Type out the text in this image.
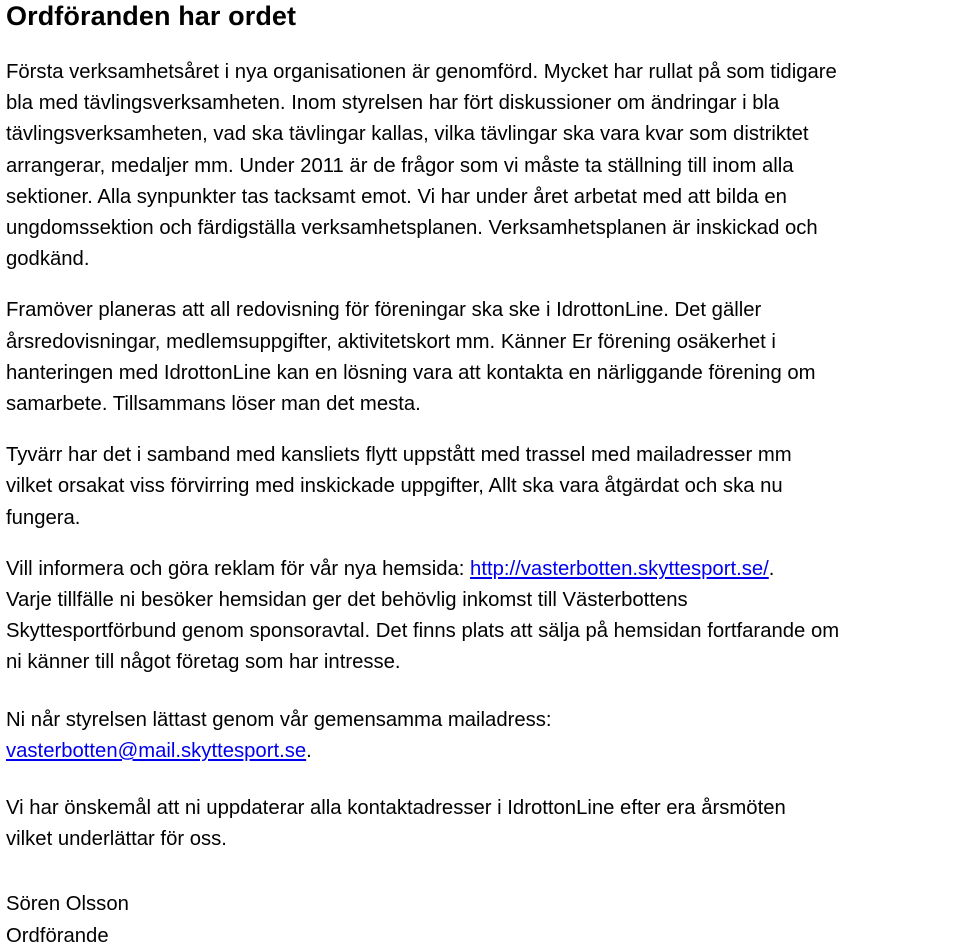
Ordföranden har ordet

Första verksamhetsåret i nya organisationen är genomförd. Mycket har rullat på som tidigare
bla med tävlingsverksamheten. Inom styrelsen har fört diskussioner om ändringar i bla
tävlingsverksamheten, vad ska tävlingar kallas, vilka tävlingar ska vara kvar som distriktet
arrangerar, medaljer mm. Under 2011 är de frågor som vi måste ta ställning till inom alla
sektioner. Alla synpunkter tas tacksamt emot. Vi har under året arbetat med att bilda en
ungdomssektion och färdigställa verksamhetsplanen. Verksamhetsplanen är inskickad och
godkänd.

Framöver planeras att all redovisning för föreningar ska ske i IdrottonLine. Det gäller
årsredovisningar, medlemsuppgifter, aktivitetskort mm. Känner Er förening osäkerhet i
hanteringen med IdrottonLine kan en lösning vara att kontakta en närliggande förening om
samarbete. Tillsammans löser man det mesta.

Tyvärr har det i samband med kansliets flytt uppstått med trassel med mailadresser mm
vilket orsakat viss förvirring med inskickade uppgifter, Allt ska vara åtgärdat och ska nu
fungera.

Vill informera och göra reklam för vår nya hemsida: http://vasterbotten.skyttesport.se/.
Varje tillfälle ni besöker hemsidan ger det behövlig inkomst till Västerbottens
Skyttesportförbund genom sponsoravtal. Det finns plats att sälja på hemsidan fortfarande om
ni känner till något företag som har intresse.

Ni når styrelsen lättast genom vår gemensamma mailadress:
vasterbotten@mail.skyttesport.se.

Vi har önskemål att ni uppdaterar alla kontaktadresser i IdrottonLine efter era årsmöten
vilket underlättar för oss.

Sören Olsson
Ordförande
